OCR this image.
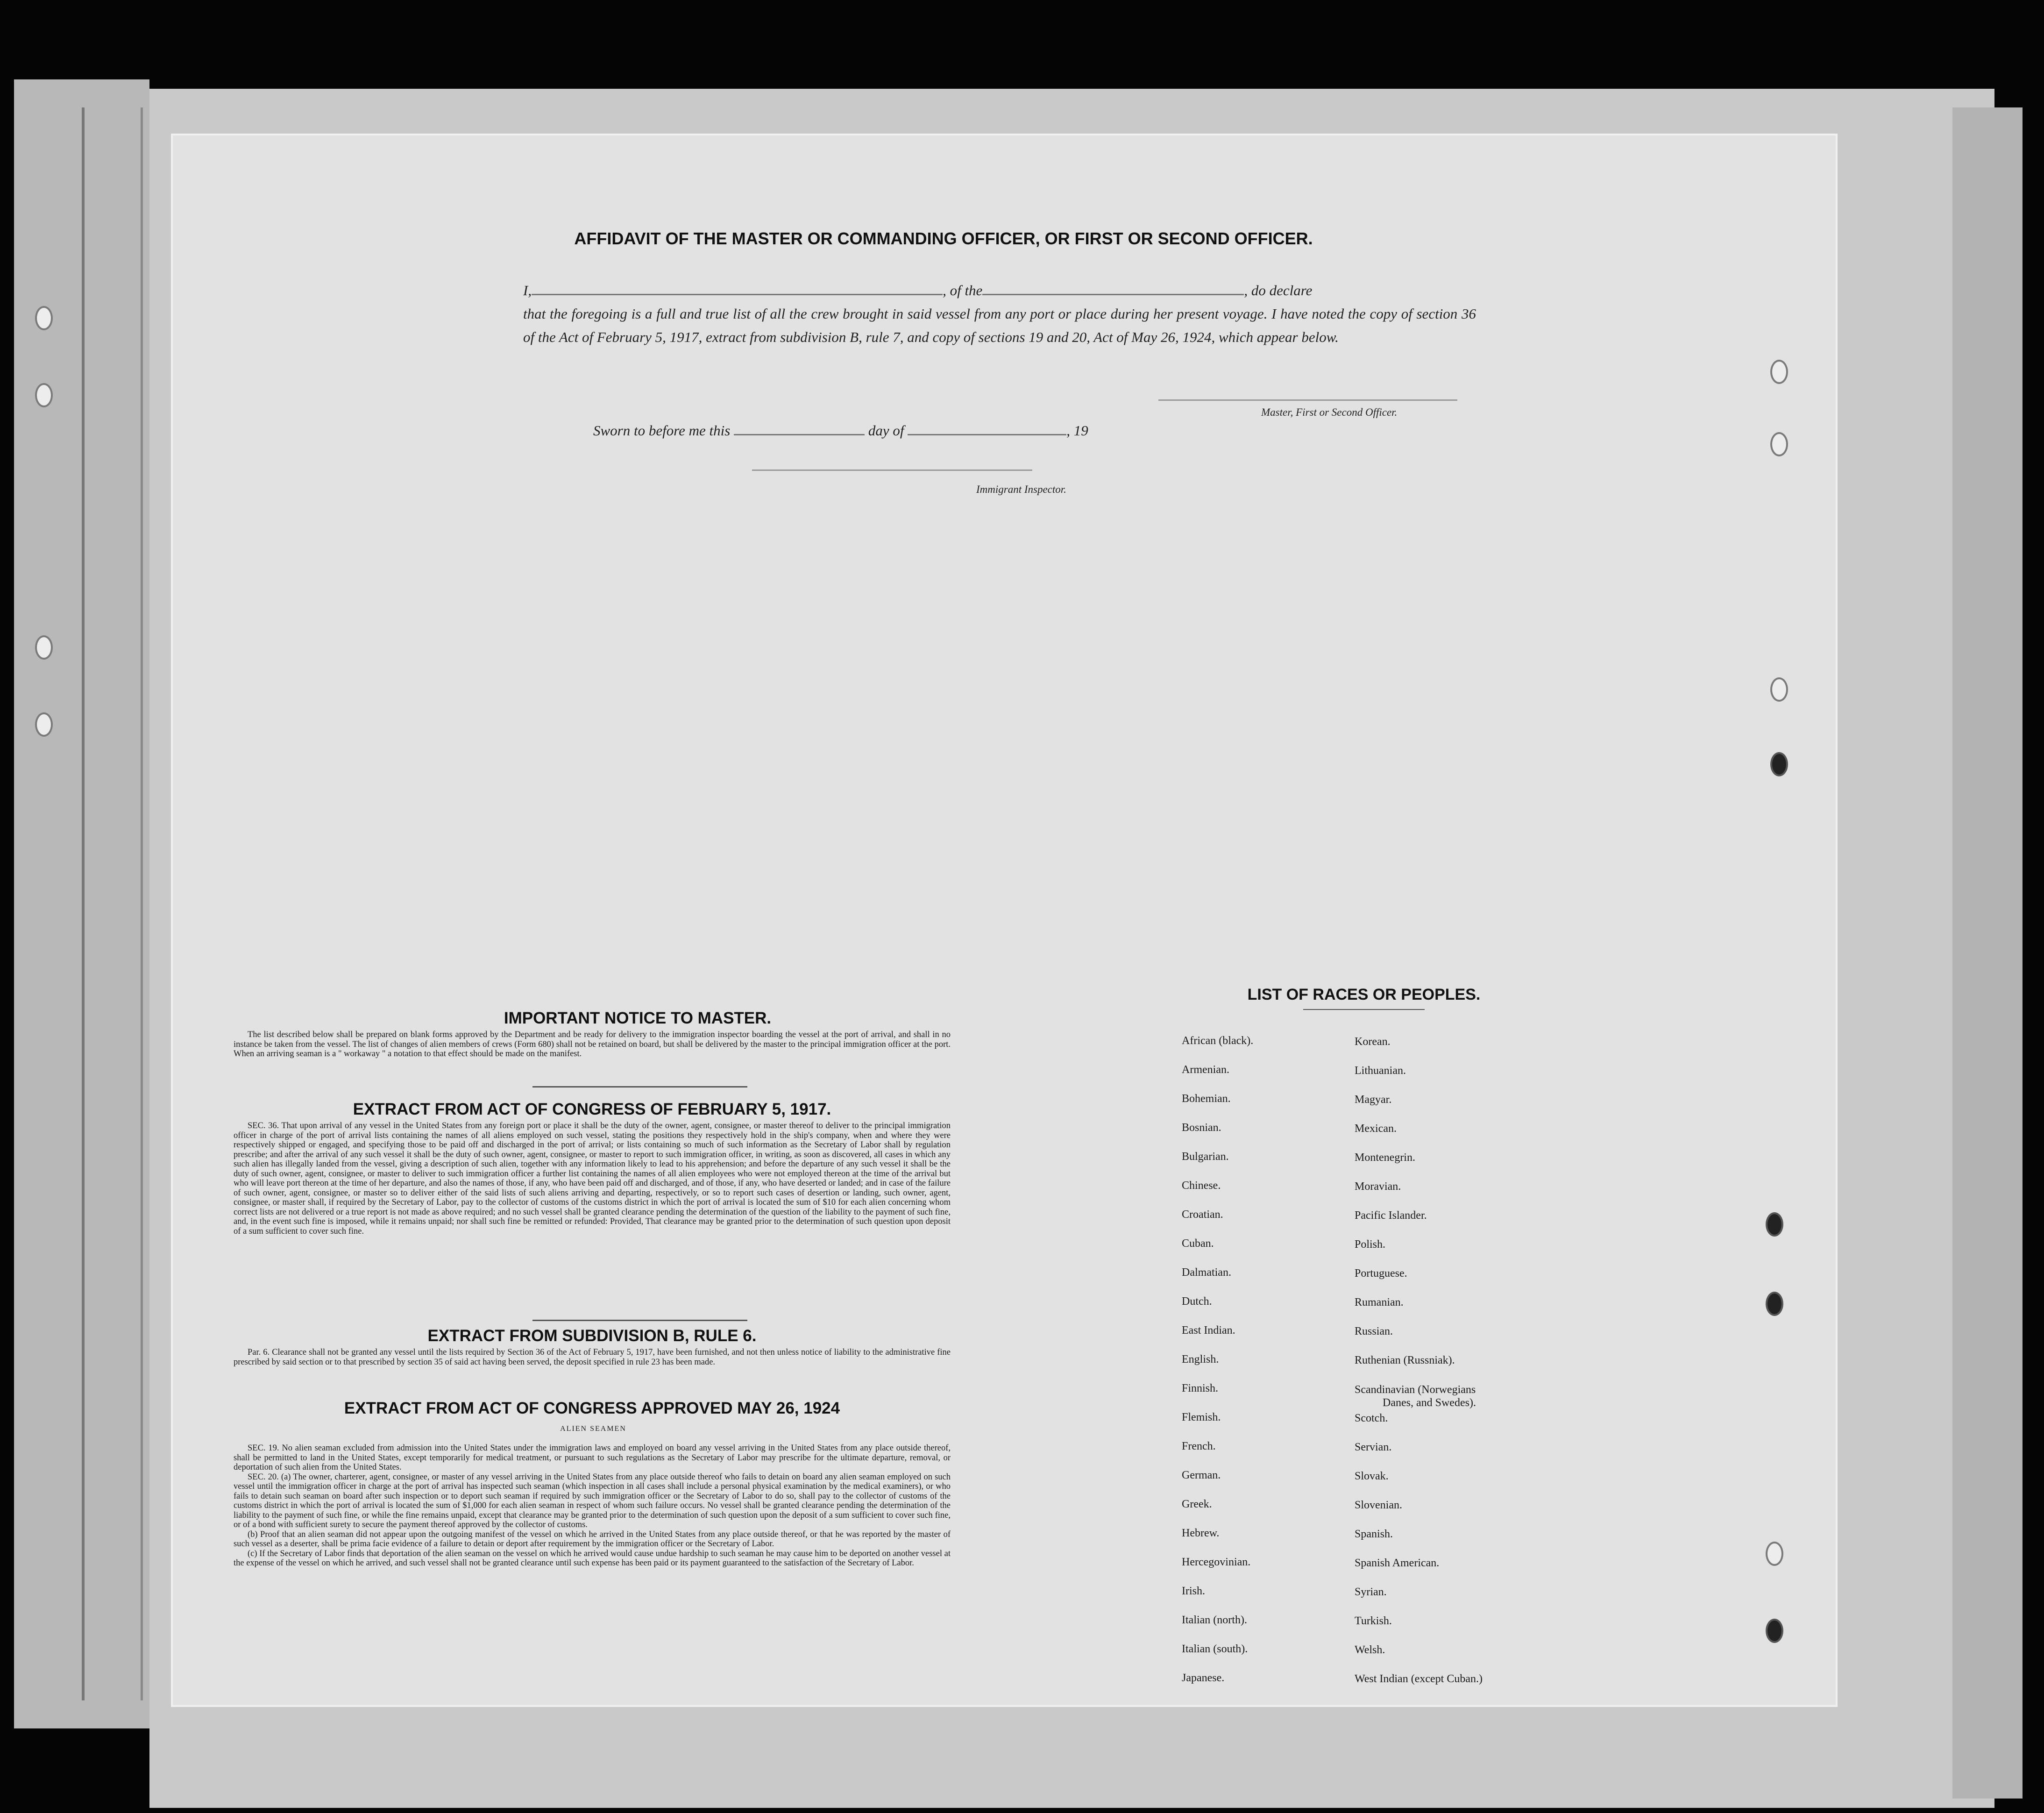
AFFIDAVIT OF THE MASTER OR COMMANDING OFFICER, OR FIRST OR SECOND OFFICER.
I,	, of the	, do declare
that the foregoing is a full and true list of all the crew brought in said vessel from any port or place during her present voyage. I have noted the copy of section 36 of the Act of February 5, 1917, extract from subdivision B, rule 7, and copy of sections 19 and 20, Act of May 26, 1924, which appear below.
Master, First or Second Officer.
Sworn to before me this	day of	, 19
Immigrant Inspector.
IMPORTANT NOTICE TO MASTER.

The list described below shall be prepared on blank forms approved by the Department and be ready for delivery to the immigration inspector boarding the vessel at the port of arrival, and shall in no instance be taken from the vessel. The list of changes of alien members of crews (Form 680) shall not be retained on board, but shall be delivered by the master to the principal immigration officer at the port. When an arriving seaman is a " workaway " a notation to that effect should be made on the manifest.

EXTRACT FROM ACT OF CONGRESS OF FEBRUARY 5, 1917.

SEC. 36. That upon arrival of any vessel in the United States from any foreign port or place it shall be the duty of the owner, agent, consignee, or master thereof to deliver to the principal immigration officer in charge of the port of arrival lists containing the names of all aliens employed on such vessel, stating the positions they respectively hold in the ship's company, when and where they were respectively shipped or engaged, and specifying those to be paid off and discharged in the port of arrival; or lists containing so much of such information as the Secretary of Labor shall by regulation prescribe; and after the arrival of any such vessel it shall be the duty of such owner, agent, consignee, or master to report to such immigration officer, in writing, as soon as discovered, all cases in which any such alien has illegally landed from the vessel, giving a description of such alien, together with any information likely to lead to his apprehension; and before the departure of any such vessel it shall be the duty of such owner, agent, consignee, or master to deliver to such immigration officer a further list containing the names of all alien employees who were not employed thereon at the time of the arrival but who will leave port thereon at the time of her departure, and also the names of those, if any, who have been paid off and discharged, and of those, if any, who have deserted or landed; and in case of the failure of such owner, agent, consignee, or master so to deliver either of the said lists of such aliens arriving and departing, respectively, or so to report such cases of desertion or landing, such owner, agent, consignee, or master shall, if required by the Secretary of Labor, pay to the collector of customs of the customs district in which the port of arrival is located the sum of $10 for each alien concerning whom correct lists are not delivered or a true report is not made as above required; and no such vessel shall be granted clearance pending the determination of the question of the liability to the payment of such fine, and, in the event such fine is imposed, while it remains unpaid; nor shall such fine be remitted or refunded: Provided, That clearance may be granted prior to the determination of such question upon deposit of a sum sufficient to cover such fine.

EXTRACT FROM SUBDIVISION B, RULE 6.

Par. 6. Clearance shall not be granted any vessel until the lists required by Section 36 of the Act of February 5, 1917, have been furnished, and not then unless notice of liability to the administrative fine prescribed by said section or to that prescribed by section 35 of said act having been served, the deposit specified in rule 23 has been made.

EXTRACT FROM ACT OF CONGRESS APPROVED MAY 26, 1924
ALIEN SEAMEN

SEC. 19. No alien seaman excluded from admission into the United States under the immigration laws and employed on board any vessel arriving in the United States from any place outside thereof, shall be permitted to land in the United States, except temporarily for medical treatment, or pursuant to such regulations as the Secretary of Labor may prescribe for the ultimate departure, removal, or deportation of such alien from the United States.

SEC. 20. (a) The owner, charterer, agent, consignee, or master of any vessel arriving in the United States from any place outside thereof who fails to detain on board any alien seaman employed on such vessel until the immigration officer in charge at the port of arrival has inspected such seaman (which inspection in all cases shall include a personal physical examination by the medical examiners), or who fails to detain such seaman on board after such inspection or to deport such seaman if required by such immigration officer or the Secretary of Labor to do so, shall pay to the collector of customs of the customs district in which the port of arrival is located the sum of $1,000 for each alien seaman in respect of whom such failure occurs. No vessel shall be granted clearance pending the determination of the liability to the payment of such fine, or while the fine remains unpaid, except that clearance may be granted prior to the determination of such question upon the deposit of a sum sufficient to cover such fine, or of a bond with sufficient surety to secure the payment thereof approved by the collector of customs.

(b) Proof that an alien seaman did not appear upon the outgoing manifest of the vessel on which he arrived in the United States from any place outside thereof, or that he was reported by the master of such vessel as a deserter, shall be prima facie evidence of a failure to detain or deport after requirement by the immigration officer or the Secretary of Labor.

(c) If the Secretary of Labor finds that deportation of the alien seaman on the vessel on which he arrived would cause undue hardship to such seaman he may cause him to be deported on another vessel at the expense of the vessel on which he arrived, and such vessel shall not be granted clearance until such expense has been paid or its payment guaranteed to the satisfaction of the Secretary of Labor.

LIST OF RACES OR PEOPLES.
African (black).
Armenian.
Bohemian.
Bosnian.
Bulgarian.
Chinese.
Croatian.
Cuban.
Dalmatian.
Dutch.
East Indian.
English.
Finnish.
Flemish.
French.
German.
Greek.
Hebrew.
Hercegovinian.
Irish.
Italian (north).
Italian (south).
Japanese.
Korean.
Lithuanian.
Magyar.
Mexican.
Montenegrin.
Moravian.
Pacific Islander.
Polish.
Portuguese.
Rumanian.
Russian.
Ruthenian (Russniak).
Scandinavian (Norwegians
Danes, and Swedes).
Scotch.
Servian.
Slovak.
Slovenian.
Spanish.
Spanish American.
Syrian.
Turkish.
Welsh.
West Indian (except Cuban.)
